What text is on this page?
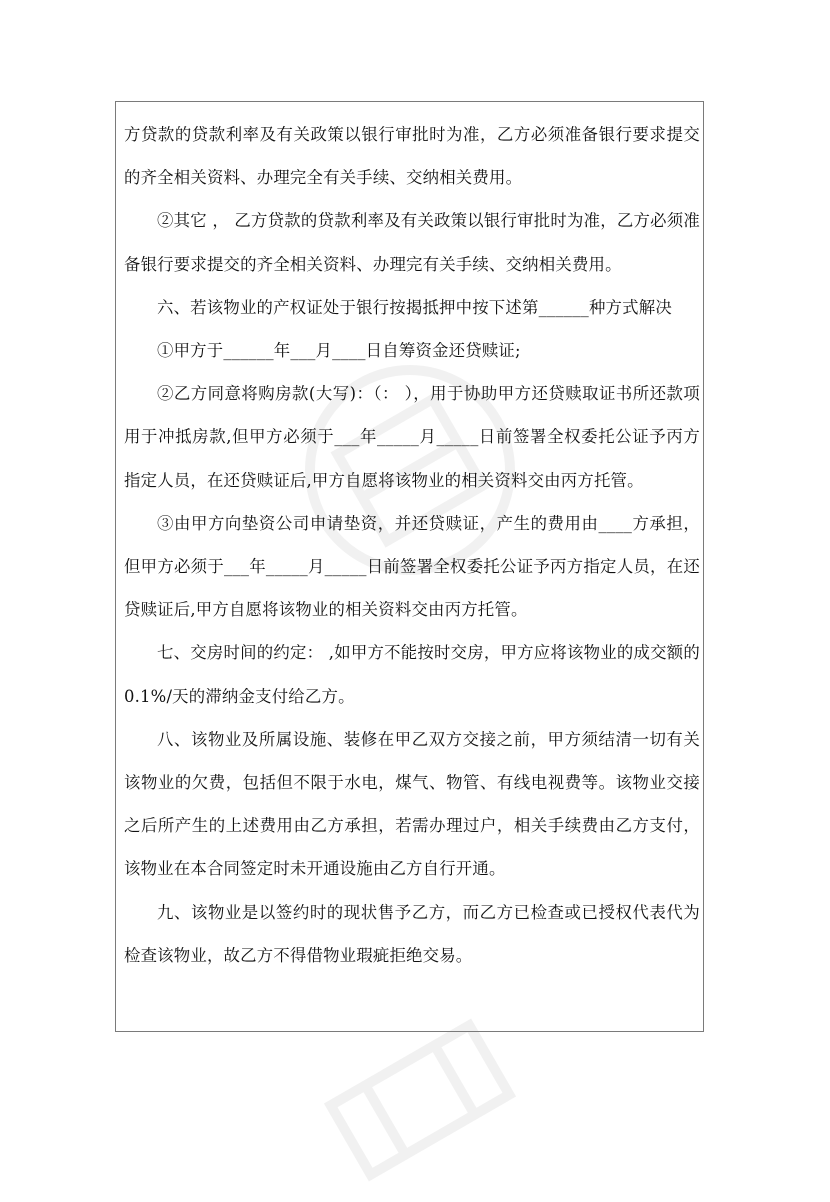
方贷款的贷款利率及有关政策以银行审批时为准，乙方必须准备银行要求提交的齐全相关资料、办理完全有关手续、交纳相关费用。

②其它 ， 乙方贷款的贷款利率及有关政策以银行审批时为准，乙方必须准备银行要求提交的齐全相关资料、办理完有关手续、交纳相关费用。

六、若该物业的产权证处于银行按揭抵押中按下述第______种方式解决

①甲方于______年___月____日自筹资金还贷赎证;

②乙方同意将购房款(大写)：（： ），用于协助甲方还贷赎取证书所还款项用于冲抵房款,但甲方必须于___年_____月_____日前签署全权委托公证予丙方指定人员，在还贷赎证后,甲方自愿将该物业的相关资料交由丙方托管。

③由甲方向垫资公司申请垫资，并还贷赎证，产生的费用由____方承担，但甲方必须于___年_____月_____日前签署全权委托公证予丙方指定人员，在还贷赎证后,甲方自愿将该物业的相关资料交由丙方托管。

七、交房时间的约定： ,如甲方不能按时交房，甲方应将该物业的成交额的 0.1%/天的滞纳金支付给乙方。

八、该物业及所属设施、装修在甲乙双方交接之前，甲方须结清一切有关该物业的欠费，包括但不限于水电，煤气、物管、有线电视费等。该物业交接之后所产生的上述费用由乙方承担，若需办理过户，相关手续费由乙方支付，该物业在本合同签定时未开通设施由乙方自行开通。

九、该物业是以签约时的现状售予乙方，而乙方已检查或已授权代表代为检查该物业，故乙方不得借物业瑕疵拒绝交易。
